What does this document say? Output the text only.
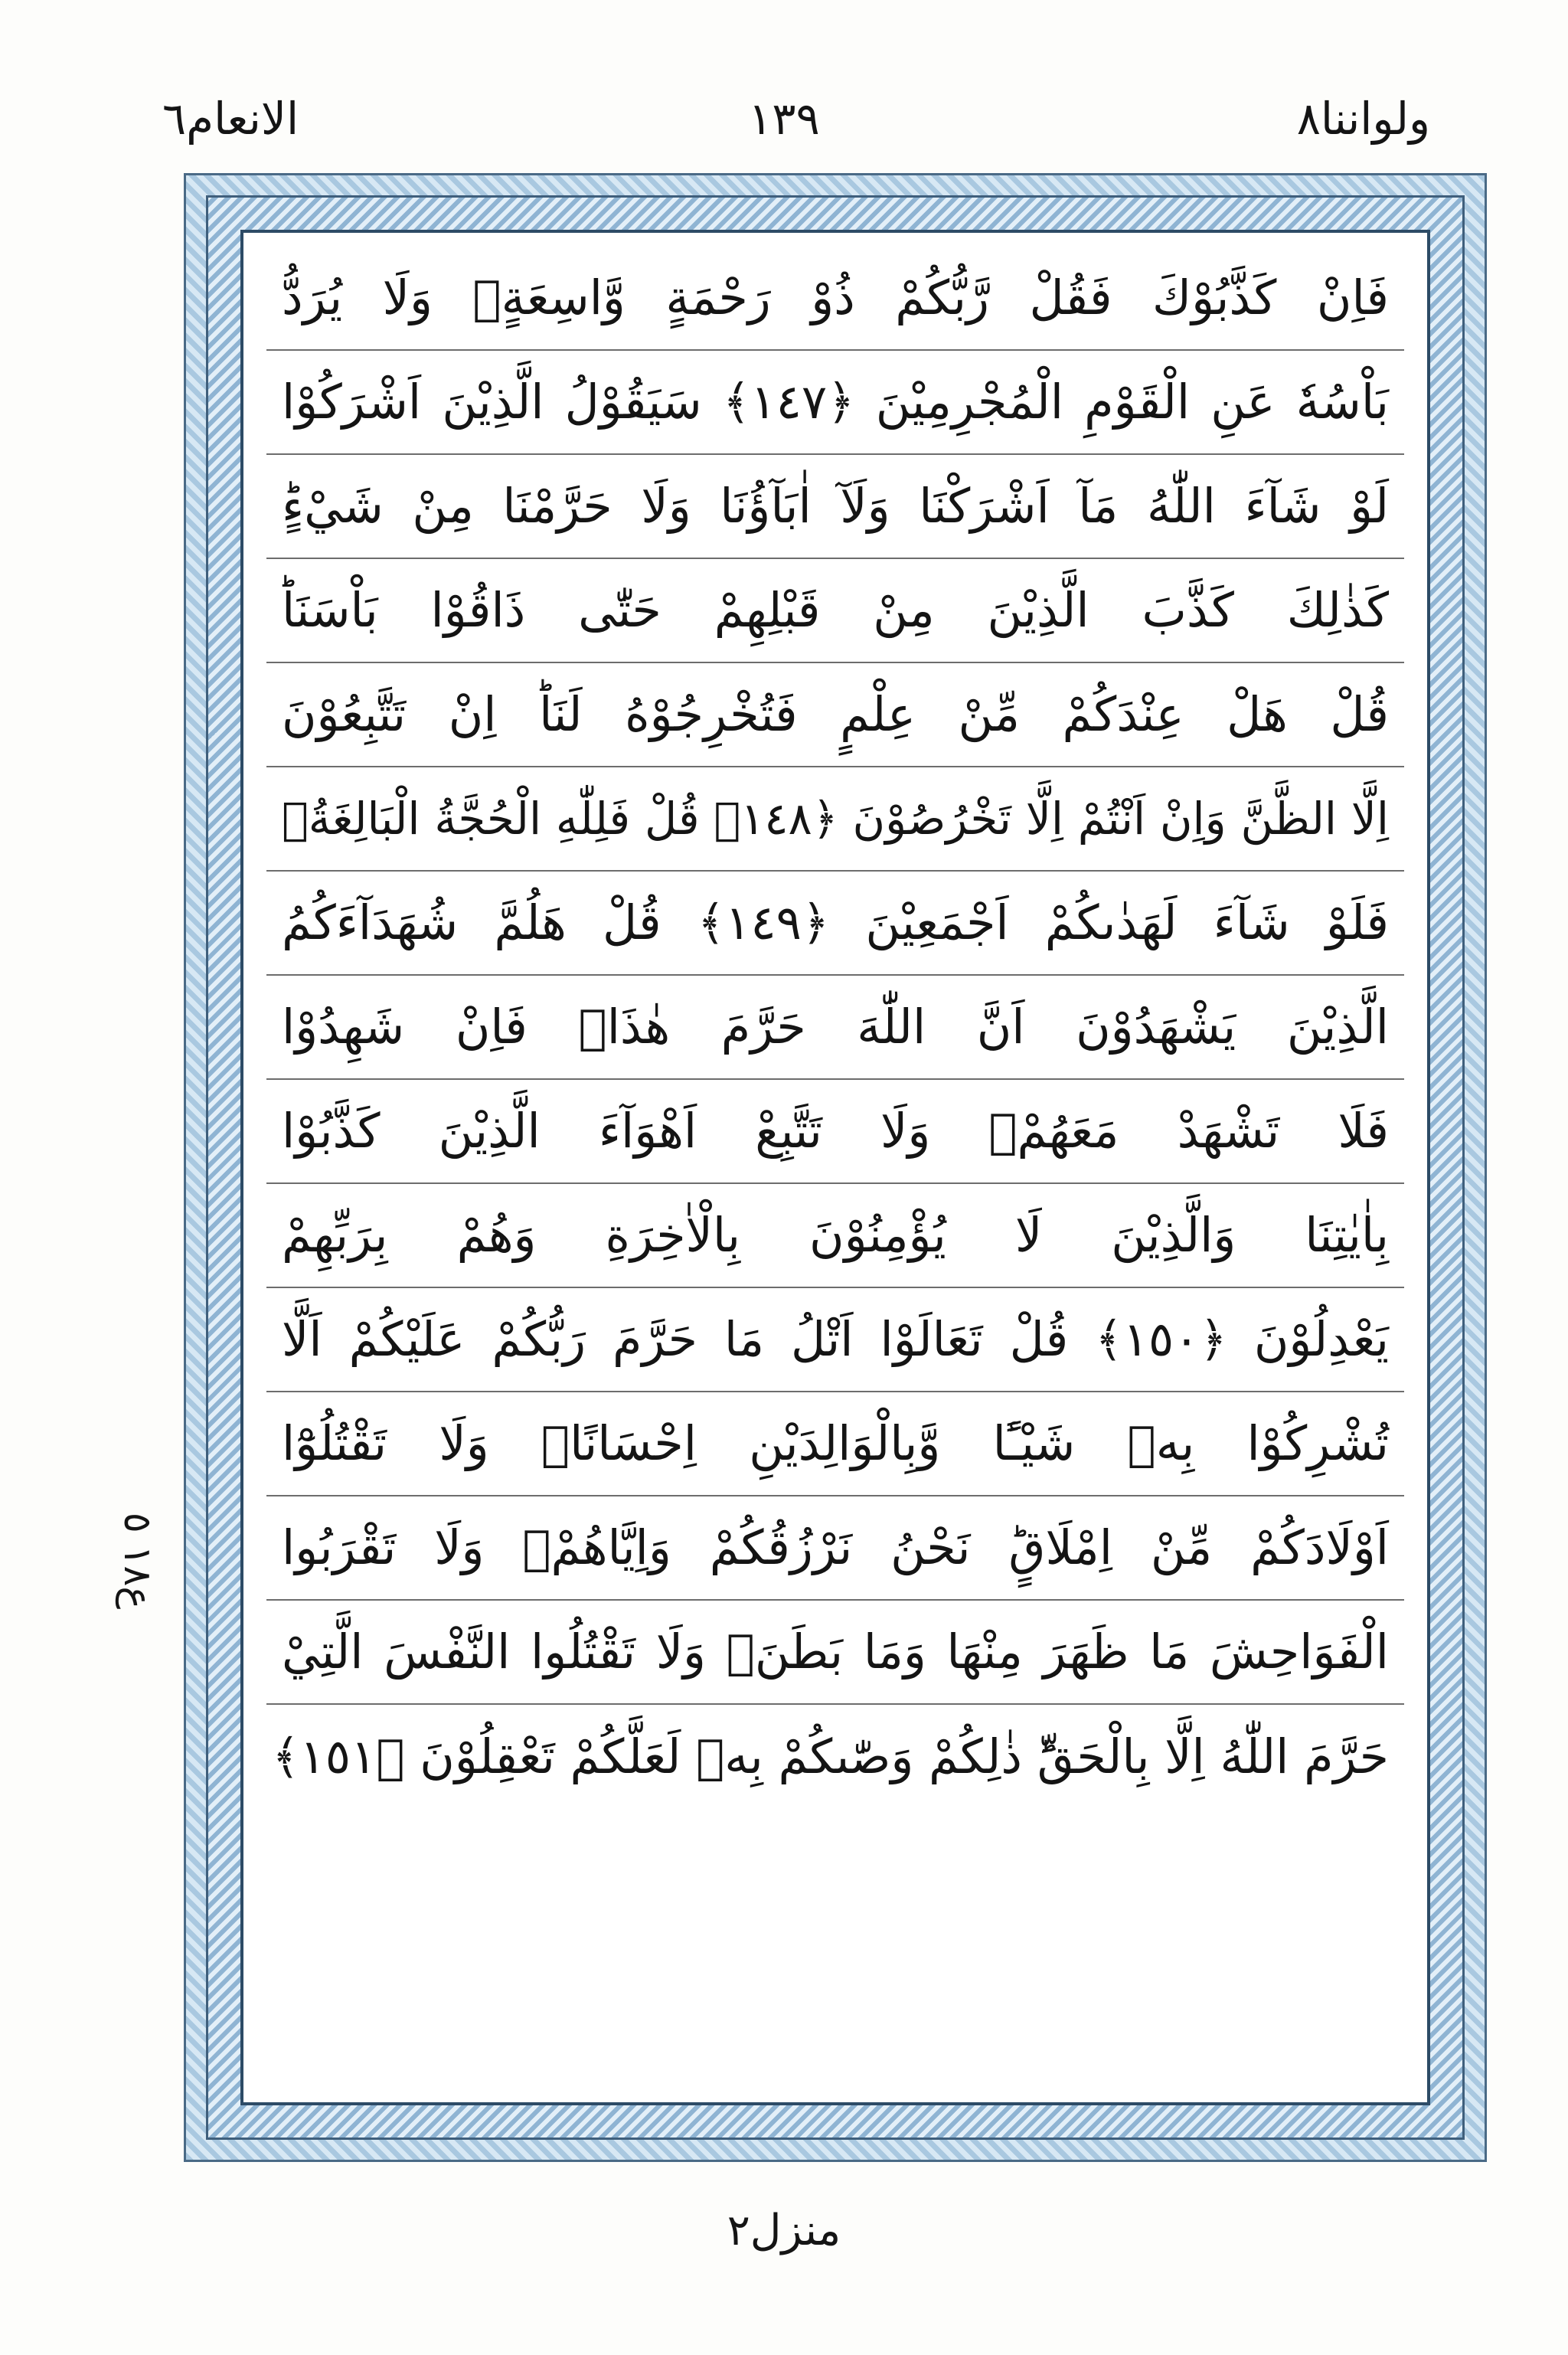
ولواننا٨
١٣٩
الانعام٦
ع١٨ ٥
فَاِنْ كَذَّبُوْكَ فَقُلْ رَّبُّكُمْ ذُوْ رَحْمَةٍ وَّاسِعَةٍۚ وَلَا يُرَدُّ
بَاْسُهٗ عَنِ الْقَوْمِ الْمُجْرِمِيْنَ ﴿١٤٧﴾ سَيَقُوْلُ الَّذِيْنَ اَشْرَكُوْا
لَوْ شَآءَ اللّٰهُ مَآ اَشْرَكْنَا وَلَآ اٰبَآؤُنَا وَلَا حَرَّمْنَا مِنْ شَيْءٍؕ
كَذٰلِكَ كَذَّبَ الَّذِيْنَ مِنْ قَبْلِهِمْ حَتّٰى ذَاقُوْا بَاْسَنَاؕ
قُلْ هَلْ عِنْدَكُمْ مِّنْ عِلْمٍ فَتُخْرِجُوْهُ لَنَاؕ اِنْ تَتَّبِعُوْنَ
اِلَّا الظَّنَّ وَاِنْ اَنْتُمْ اِلَّا تَخْرُصُوْنَ ﴿١٤٨﴾ قُلْ فَلِلّٰهِ الْحُجَّةُ الْبَالِغَةُۚ
فَلَوْ شَآءَ لَهَدٰىكُمْ اَجْمَعِيْنَ ﴿١٤٩﴾ قُلْ هَلُمَّ شُهَدَآءَكُمُ
الَّذِيْنَ يَشْهَدُوْنَ اَنَّ اللّٰهَ حَرَّمَ هٰذَاۚ فَاِنْ شَهِدُوْا
فَلَا تَشْهَدْ مَعَهُمْۚ وَلَا تَتَّبِعْ اَهْوَآءَ الَّذِيْنَ كَذَّبُوْا
بِاٰيٰتِنَا وَالَّذِيْنَ لَا يُؤْمِنُوْنَ بِالْاٰخِرَةِ وَهُمْ بِرَبِّهِمْ
يَعْدِلُوْنَ ﴿١٥٠﴾ قُلْ تَعَالَوْا اَتْلُ مَا حَرَّمَ رَبُّكُمْ عَلَيْكُمْ اَلَّا
تُشْرِكُوْا بِهٖ شَيْـًٔا وَّبِالْوَالِدَيْنِ اِحْسَانًاۚ وَلَا تَقْتُلُوْٓا
اَوْلَادَكُمْ مِّنْ اِمْلَاقٍؕ نَحْنُ نَرْزُقُكُمْ وَاِيَّاهُمْۚ وَلَا تَقْرَبُوا
الْفَوَاحِشَ مَا ظَهَرَ مِنْهَا وَمَا بَطَنَۚ وَلَا تَقْتُلُوا النَّفْسَ الَّتِيْ
حَرَّمَ اللّٰهُ اِلَّا بِالْحَقِّؕ ذٰلِكُمْ وَصّٰىكُمْ بِهٖ لَعَلَّكُمْ تَعْقِلُوْنَ ﴿١٥١﴾
منزل٢
